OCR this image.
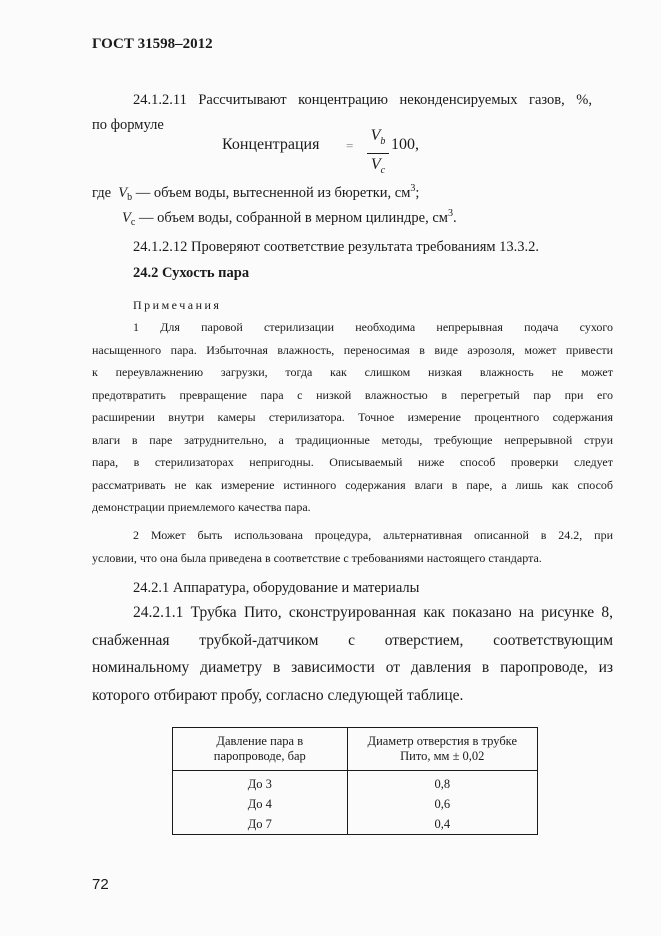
ГОСТ 31598–2012
24.1.2.11 Рассчитывают концентрацию неконденсируемых газов, %,
по формуле
Концентрация =
$V_b$
$V_c$
100,
где $V_b$ — объем воды, вытесненной из бюретки, $см^3$;
$V_c$ — объем воды, собранной в мерном цилиндре, $см^3$.
24.1.2.12 Проверяют соответствие результата требованиям 13.3.2.
24.2 Сухость пара
Примечания
1 Для паровой стерилизации необходима непрерывная подача сухого
насыщенного пара. Избыточная влажность, переносимая в виде аэрозоля, может привести
к переувлажнению загрузки, тогда как слишком низкая влажность не может
предотвратить превращение пара с низкой влажностью в перегретый пар при его
расширении внутри камеры стерилизатора. Точное измерение процентного содержания
влаги в паре затруднительно, а традиционные методы, требующие непрерывной струи
пара, в стерилизаторах непригодны. Описываемый ниже способ проверки следует
рассматривать не как измерение истинного содержания влаги в паре, а лишь как способ
демонстрации приемлемого качества пара.
2 Может быть использована процедура, альтернативная описанной в 24.2, при
условии, что она была приведена в соответствие с требованиями настоящего стандарта.
24.2.1 Аппаратура, оборудование и материалы
24.2.1.1 Трубка Пито, сконструированная как показано на рисунке 8,
снабженная трубкой-датчиком с отверстием, соответствующим
номинальному диаметру в зависимости от давления в паропроводе, из
которого отбирают пробу, согласно следующей таблице.
Давление пара в
паропроводе, бар	Диаметр отверстия в трубке
Пито, мм ± 0,02
До 3	0,8
До 4	0,6
До 7	0,4
72
